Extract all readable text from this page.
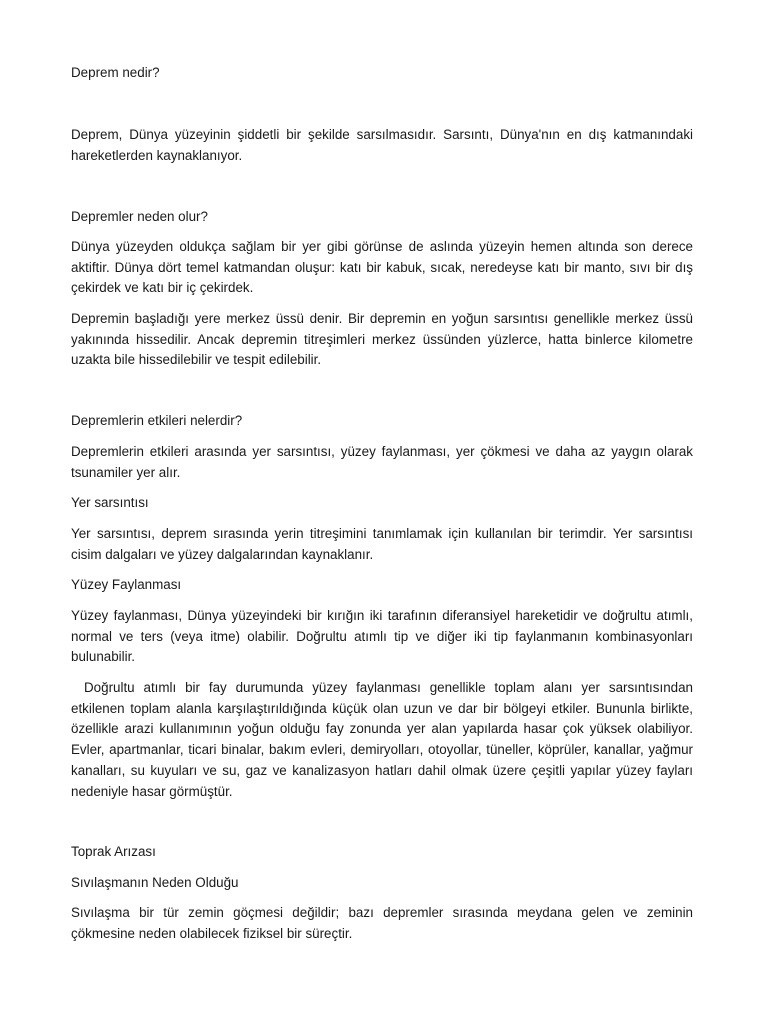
Deprem nedir?

Deprem, Dünya yüzeyinin şiddetli bir şekilde sarsılmasıdır. Sarsıntı, Dünya'nın en dış katmanındaki hareketlerden kaynaklanıyor.

Depremler neden olur?

Dünya yüzeyden oldukça sağlam bir yer gibi görünse de aslında yüzeyin hemen altında son derece aktiftir. Dünya dört temel katmandan oluşur: katı bir kabuk, sıcak, neredeyse katı bir manto, sıvı bir dış çekirdek ve katı bir iç çekirdek.

Depremin başladığı yere merkez üssü denir. Bir depremin en yoğun sarsıntısı genellikle merkez üssü yakınında hissedilir. Ancak depremin titreşimleri merkez üssünden yüzlerce, hatta binlerce kilometre uzakta bile hissedilebilir ve tespit edilebilir.

Depremlerin etkileri nelerdir?

Depremlerin etkileri arasında yer sarsıntısı, yüzey faylanması, yer çökmesi ve daha az yaygın olarak tsunamiler yer alır.

Yer sarsıntısı

Yer sarsıntısı, deprem sırasında yerin titreşimini tanımlamak için kullanılan bir terimdir. Yer sarsıntısı cisim dalgaları ve yüzey dalgalarından kaynaklanır.

Yüzey Faylanması

Yüzey faylanması, Dünya yüzeyindeki bir kırığın iki tarafının diferansiyel hareketidir ve doğrultu atımlı, normal ve ters (veya itme) olabilir. Doğrultu atımlı tip ve diğer iki tip faylanmanın kombinasyonları bulunabilir.

Doğrultu atımlı bir fay durumunda yüzey faylanması genellikle toplam alanı yer sarsıntısından etkilenen toplam alanla karşılaştırıldığında küçük olan uzun ve dar bir bölgeyi etkiler. Bununla birlikte, özellikle arazi kullanımının yoğun olduğu fay zonunda yer alan yapılarda hasar çok yüksek olabiliyor. Evler, apartmanlar, ticari binalar, bakım evleri, demiryolları, otoyollar, tüneller, köprüler, kanallar, yağmur kanalları, su kuyuları ve su, gaz ve kanalizasyon hatları dahil olmak üzere çeşitli yapılar yüzey fayları nedeniyle hasar görmüştür.

Toprak Arızası

Sıvılaşmanın Neden Olduğu

Sıvılaşma bir tür zemin göçmesi değildir; bazı depremler sırasında meydana gelen ve zeminin çökmesine neden olabilecek fiziksel bir süreçtir.
